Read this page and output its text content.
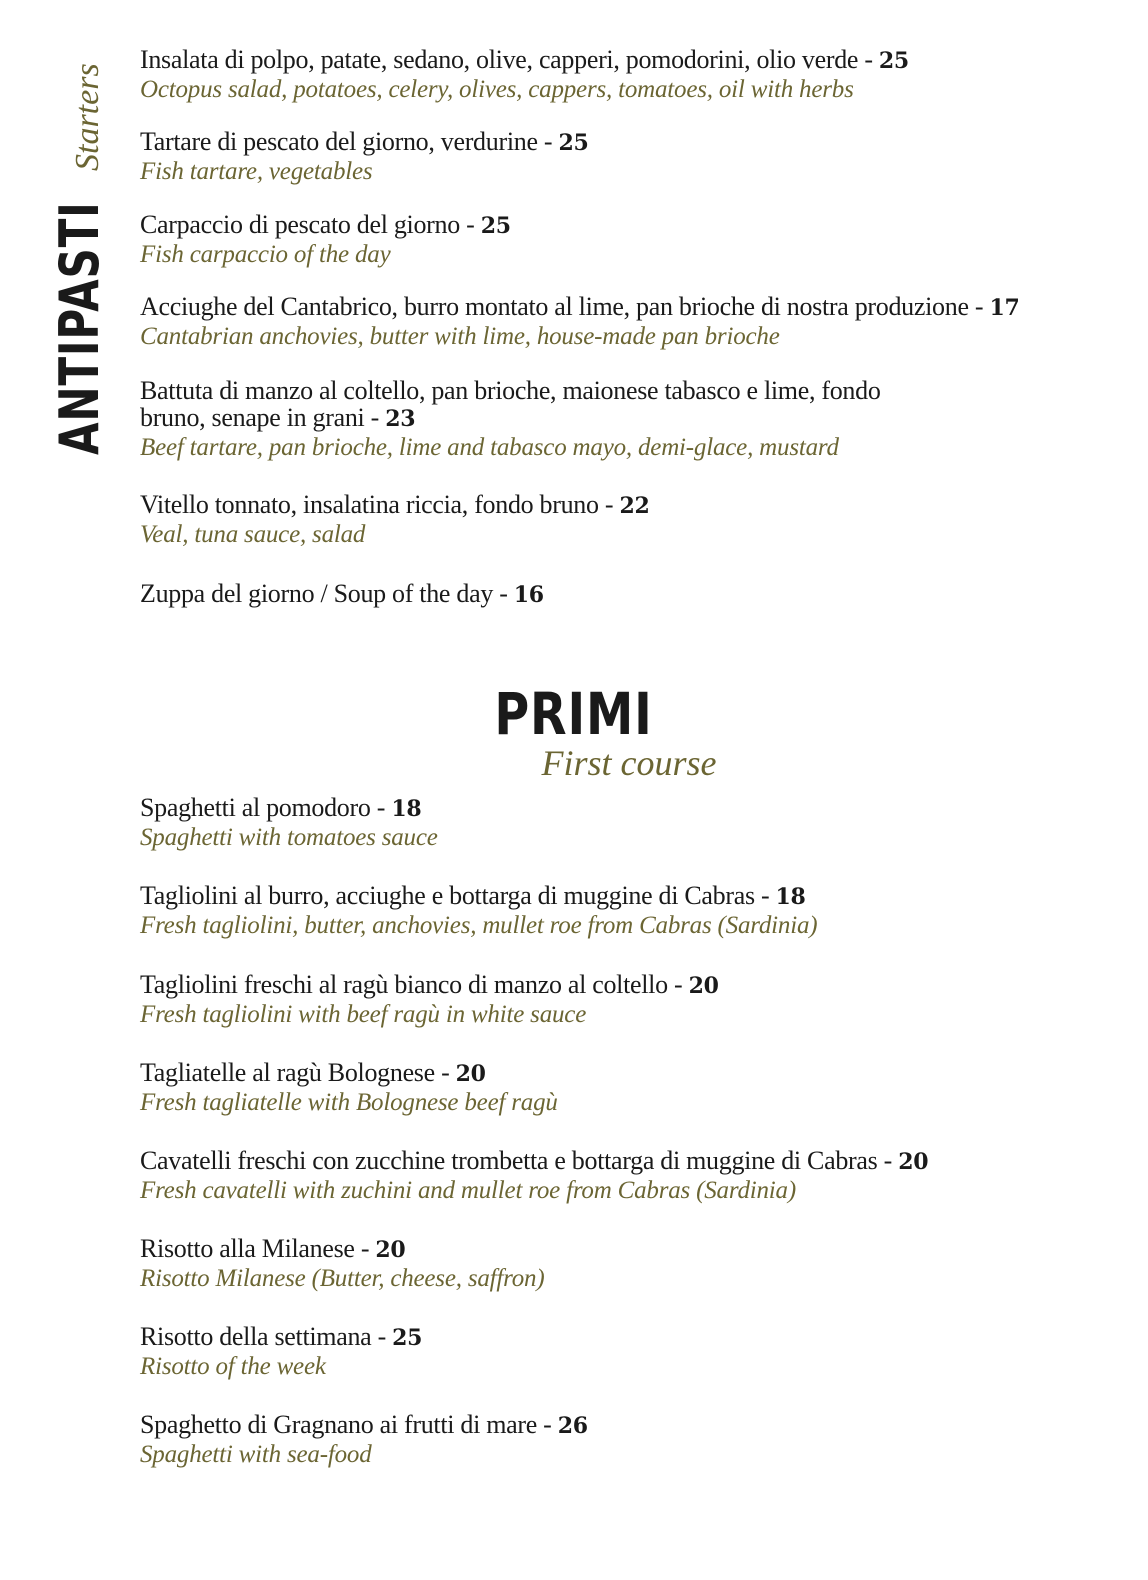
ANTIPASTI
Starters
Insalata di polpo, patate, sedano, olive, capperi, pomodorini, olio verde - 25
Octopus salad, potatoes, celery, olives, cappers, tomatoes, oil with herbs
Tartare di pescato del giorno, verdurine - 25
Fish tartare, vegetables
Carpaccio di pescato del giorno - 25
Fish carpaccio of the day
Acciughe del Cantabrico, burro montato al lime, pan brioche di nostra produzione - 17
Cantabrian anchovies, butter with lime, house-made pan brioche
Battuta di manzo al coltello, pan brioche, maionese tabasco e lime, fondo bruno, senape in grani - 23
Beef tartare, pan brioche, lime and tabasco mayo, demi-glace, mustard
Vitello tonnato, insalatina riccia, fondo bruno - 22
Veal, tuna sauce, salad
Zuppa del giorno / Soup of the day - 16
PRIMI
First course
Spaghetti al pomodoro - 18
Spaghetti with tomatoes sauce
Tagliolini al burro, acciughe e bottarga di muggine di Cabras - 18
Fresh tagliolini, butter, anchovies, mullet roe from Cabras (Sardinia)
Tagliolini freschi al ragù bianco di manzo al coltello - 20
Fresh tagliolini with beef ragù in white sauce
Tagliatelle al ragù Bolognese - 20
Fresh tagliatelle with Bolognese beef ragù
Cavatelli freschi con zucchine trombetta e bottarga di muggine di Cabras - 20
Fresh cavatelli with zuchini and mullet roe from Cabras (Sardinia)
Risotto alla Milanese - 20
Risotto Milanese (Butter, cheese, saffron)
Risotto della settimana - 25
Risotto of the week
Spaghetto di Gragnano ai frutti di mare - 26
Spaghetti with sea-food
